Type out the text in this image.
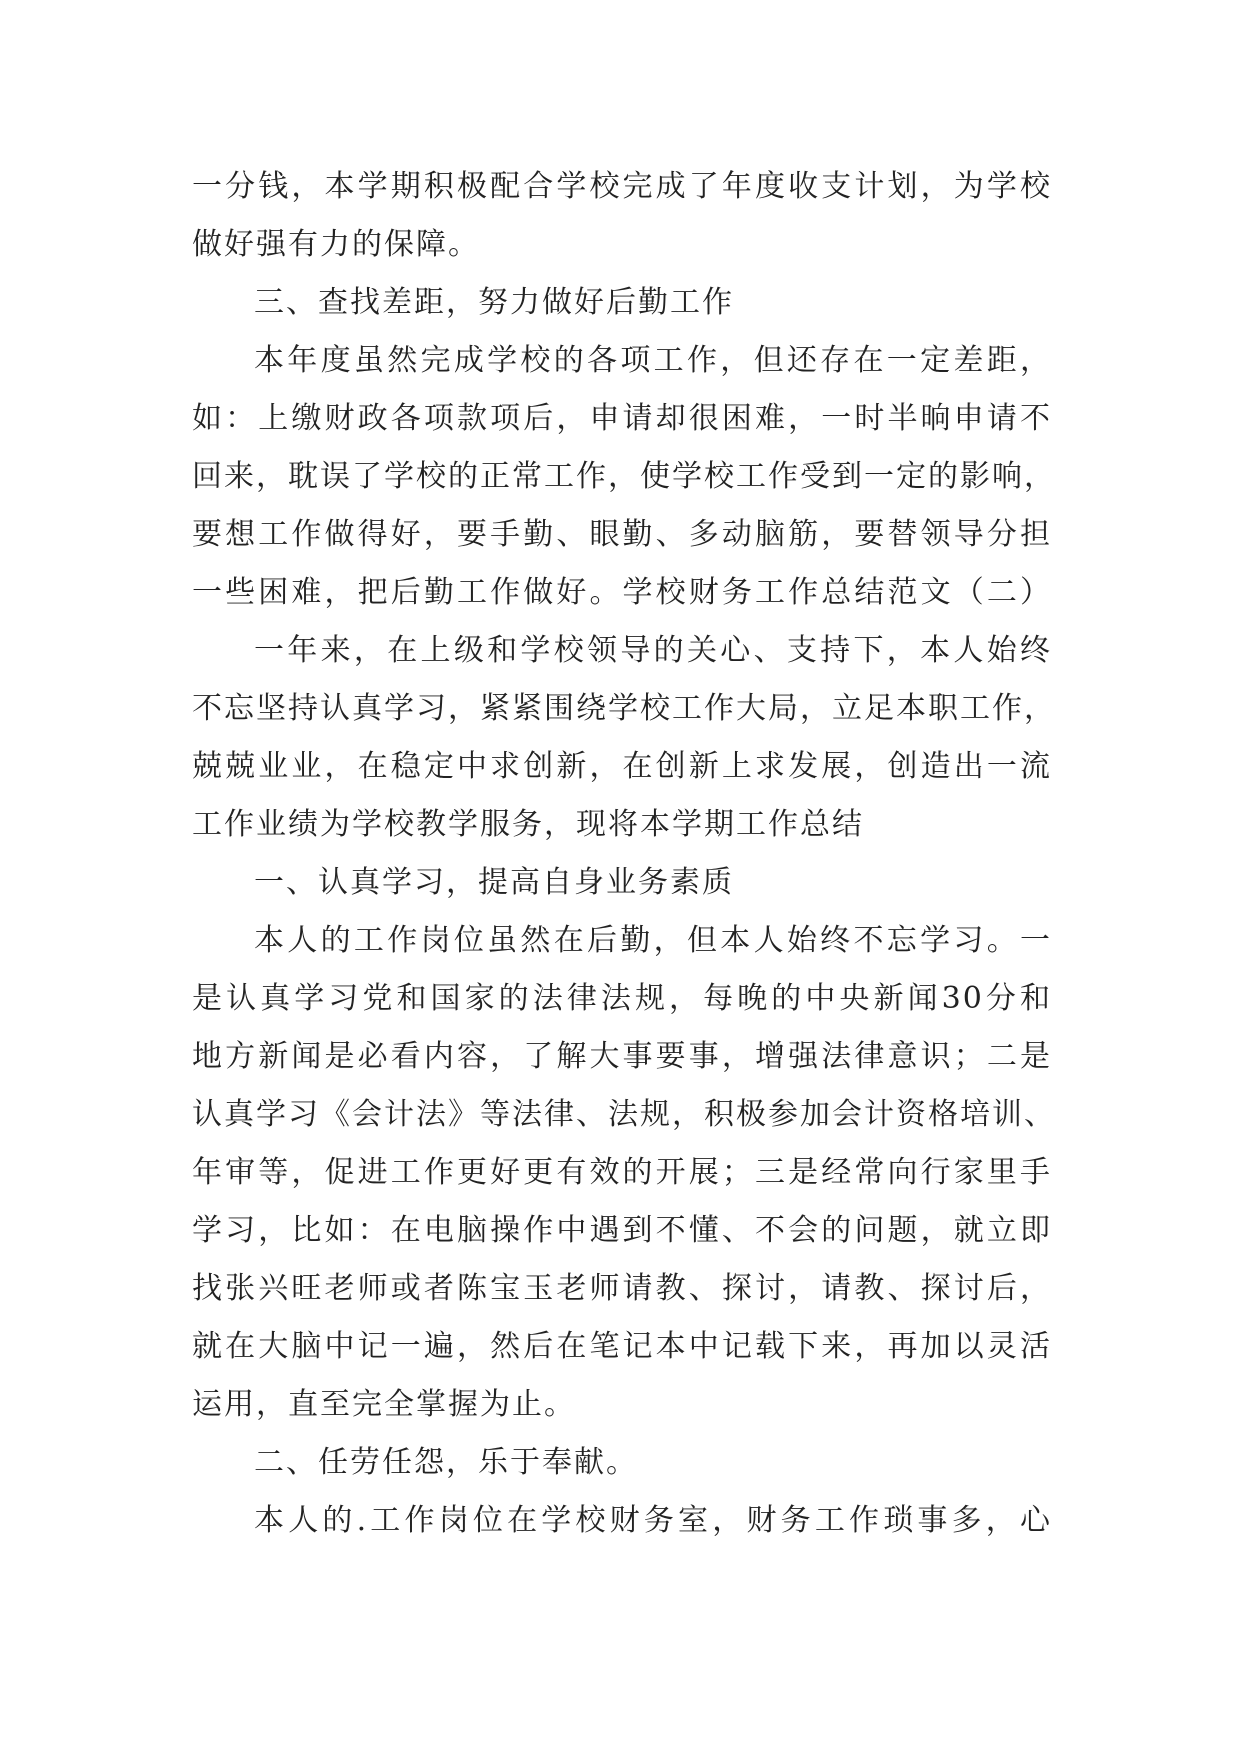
一分钱，本学期积极配合学校完成了年度收支计划，为学校
做好强有力的保障。
三、查找差距，努力做好后勤工作
本年度虽然完成学校的各项工作，但还存在一定差距，
如：上缴财政各项款项后，申请却很困难，一时半晌申请不
回来，耽误了学校的正常工作，使学校工作受到一定的影响，
要想工作做得好，要手勤、眼勤、多动脑筋，要替领导分担
一些困难，把后勤工作做好。学校财务工作总结范文（二）
一年来，在上级和学校领导的关心、支持下，本人始终
不忘坚持认真学习，紧紧围绕学校工作大局，立足本职工作，
兢兢业业，在稳定中求创新，在创新上求发展，创造出一流
工作业绩为学校教学服务，现将本学期工作总结
一、认真学习，提高自身业务素质
本人的工作岗位虽然在后勤，但本人始终不忘学习。一
是认真学习党和国家的法律法规，每晚的中央新闻30分和
地方新闻是必看内容，了解大事要事，增强法律意识；二是
认真学习《会计法》等法律、法规，积极参加会计资格培训、
年审等，促进工作更好更有效的开展；三是经常向行家里手
学习，比如：在电脑操作中遇到不懂、不会的问题，就立即
找张兴旺老师或者陈宝玉老师请教、探讨，请教、探讨后，
就在大脑中记一遍，然后在笔记本中记载下来，再加以灵活
运用，直至完全掌握为止。
二、任劳任怨，乐于奉献。
本人的.工作岗位在学校财务室，财务工作琐事多，心
